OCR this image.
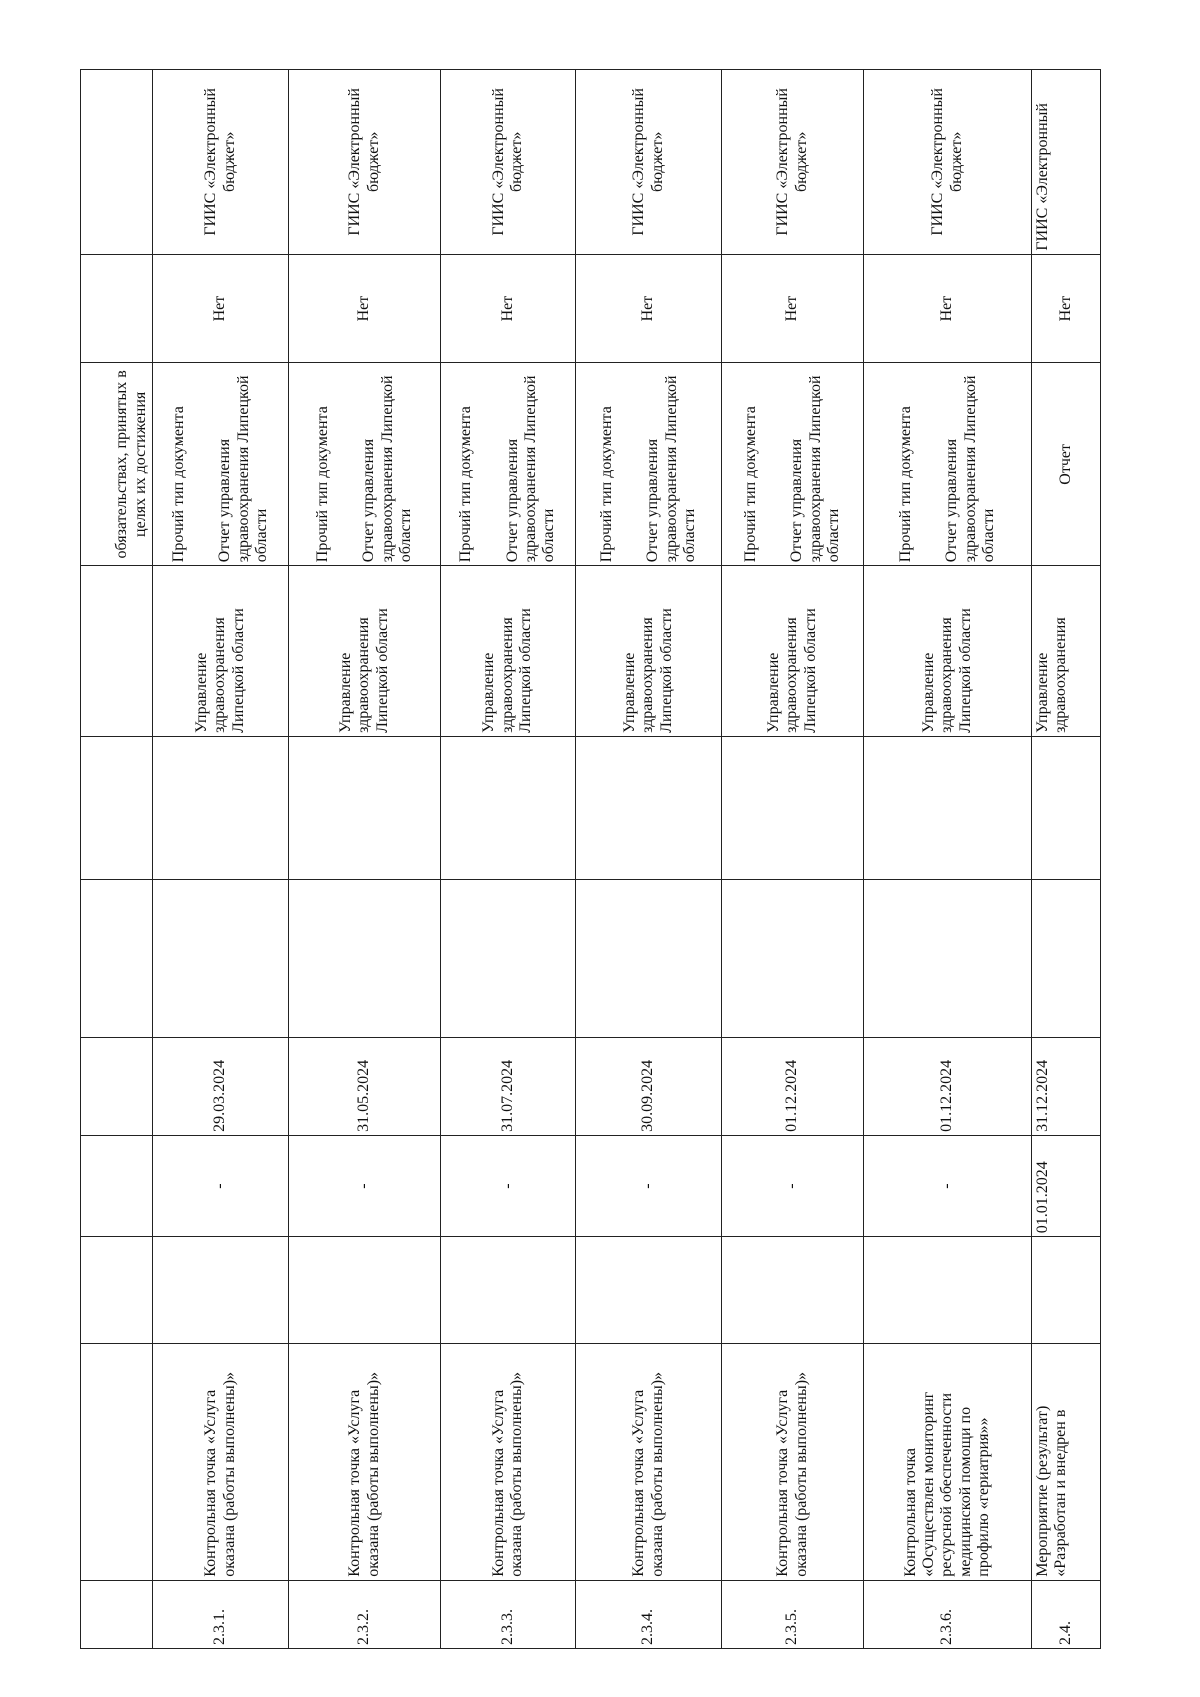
								обязательствах, принятых в целях их достижения		
2.3.1.	Контрольная точка «Услуга оказана (работы выполнены)»		-	29.03.2024			Управление здравоохранения Липецкой области	Прочий тип документа Отчет управления здравоохранения Липецкой области	Нет	ГИИС «Электронный бюджет»
2.3.2.	Контрольная точка «Услуга оказана (работы выполнены)»		-	31.05.2024			Управление здравоохранения Липецкой области	Прочий тип документа Отчет управления здравоохранения Липецкой области	Нет	ГИИС «Электронный бюджет»
2.3.3.	Контрольная точка «Услуга оказана (работы выполнены)»		-	31.07.2024			Управление здравоохранения Липецкой области	Прочий тип документа Отчет управления здравоохранения Липецкой области	Нет	ГИИС «Электронный бюджет»
2.3.4.	Контрольная точка «Услуга оказана (работы выполнены)»		-	30.09.2024			Управление здравоохранения Липецкой области	Прочий тип документа Отчет управления здравоохранения Липецкой области	Нет	ГИИС «Электронный бюджет»
2.3.5.	Контрольная точка «Услуга оказана (работы выполнены)»		-	01.12.2024			Управление здравоохранения Липецкой области	Прочий тип документа Отчет управления здравоохранения Липецкой области	Нет	ГИИС «Электронный бюджет»
2.3.6.	Контрольная точка «Осуществлен мониторинг ресурсной обеспеченности медицинской помощи по профилю «гериатрия»»		-	01.12.2024			Управление здравоохранения Липецкой области	Прочий тип документа Отчет управления здравоохранения Липецкой области	Нет	ГИИС «Электронный бюджет»
2.4.	Мероприятие (результат) «Разработан и внедрен в		01.01.2024	31.12.2024			Управление здравоохранения	Отчет	Нет	ГИИС «Электронный
